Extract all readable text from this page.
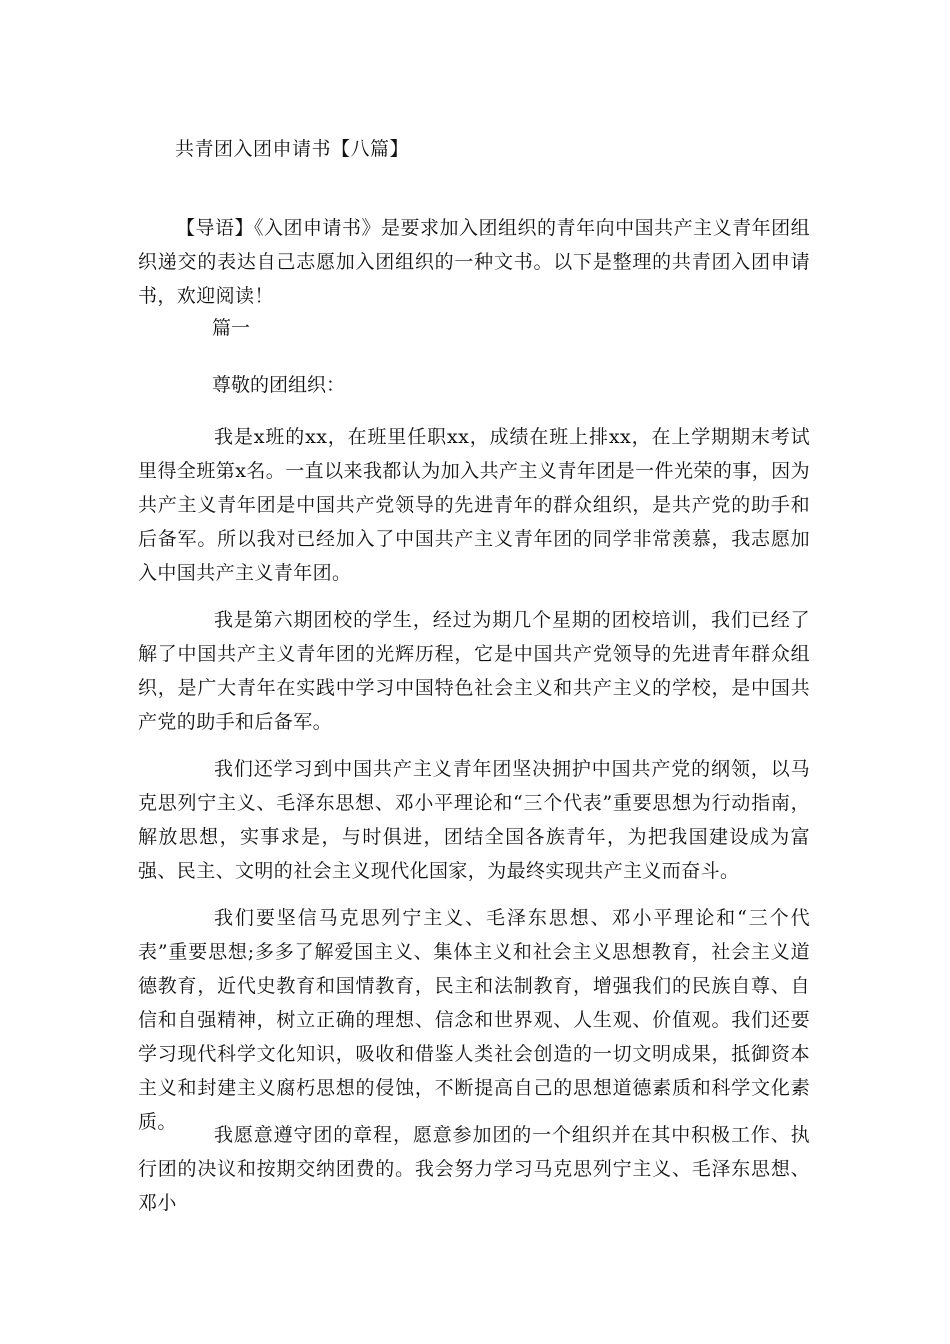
共青团入团申请书【八篇】
【导语】《入团申请书》是要求加入团组织的青年向中国共产主义青年团组织递交的表达自己志愿加入团组织的一种文书。以下是整理的共青团入团申请书，欢迎阅读！
篇一
尊敬的团组织：
我是x班的xx，在班里任职xx，成绩在班上排xx，在上学期期末考试里得全班第x名。一直以来我都认为加入共产主义青年团是一件光荣的事，因为共产主义青年团是中国共产党领导的先进青年的群众组织，是共产党的助手和后备军。所以我对已经加入了中国共产主义青年团的同学非常羡慕，我志愿加入中国共产主义青年团。
我是第六期团校的学生，经过为期几个星期的团校培训，我们已经了解了中国共产主义青年团的光辉历程，它是中国共产党领导的先进青年群众组织，是广大青年在实践中学习中国特色社会主义和共产主义的学校，是中国共产党的助手和后备军。
我们还学习到中国共产主义青年团坚决拥护中国共产党的纲领，以马克思列宁主义、毛泽东思想、邓小平理论和“三个代表”重要思想为行动指南，解放思想，实事求是，与时俱进，团结全国各族青年，为把我国建设成为富强、民主、文明的社会主义现代化国家，为最终实现共产主义而奋斗。
我们要坚信马克思列宁主义、毛泽东思想、邓小平理论和“三个代表”重要思想;多多了解爱国主义、集体主义和社会主义思想教育，社会主义道德教育，近代史教育和国情教育，民主和法制教育，增强我们的民族自尊、自信和自强精神，树立正确的理想、信念和世界观、人生观、价值观。我们还要学习现代科学文化知识，吸收和借鉴人类社会创造的一切文明成果，抵御资本主义和封建主义腐朽思想的侵蚀，不断提高自己的思想道德素质和科学文化素质。
我愿意遵守团的章程，愿意参加团的一个组织并在其中积极工作、执行团的决议和按期交纳团费的。我会努力学习马克思列宁主义、毛泽东思想、邓小
